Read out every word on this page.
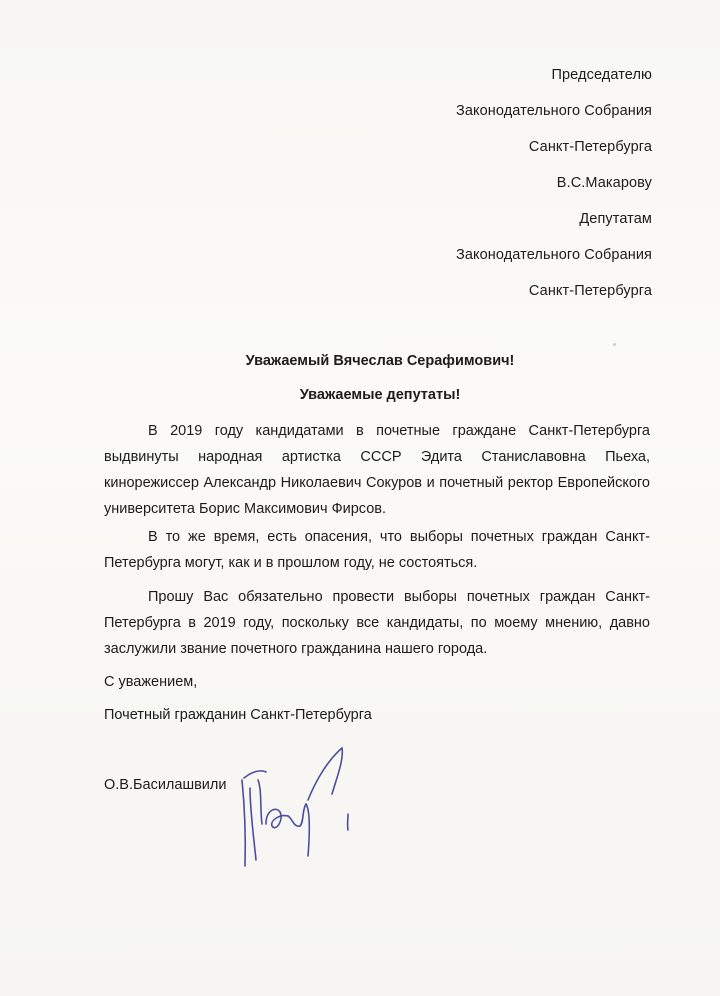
Председателю
Законодательного Собрания
Санкт-Петербурга
В.С.Макарову
Депутатам
Законодательного Собрания
Санкт-Петербурга
Уважаемый Вячеслав Серафимович!
Уважаемые депутаты!
В 2019 году кандидатами в почетные граждане Санкт-Петербурга выдвинуты народная артистка СССР Эдита Станиславовна Пьеха, кинорежиссер Александр Николаевич Сокуров и почетный ректор Европейского университета Борис Максимович Фирсов.
В то же время, есть опасения, что выборы почетных граждан Санкт-Петербурга могут, как и в прошлом году, не состояться.
Прошу Вас обязательно провести выборы почетных граждан Санкт-Петербурга в 2019 году, поскольку все кандидаты, по моему мнению, давно заслужили звание почетного гражданина нашего города.
С уважением,
Почетный гражданин Санкт-Петербурга
О.В.Басилашвили
